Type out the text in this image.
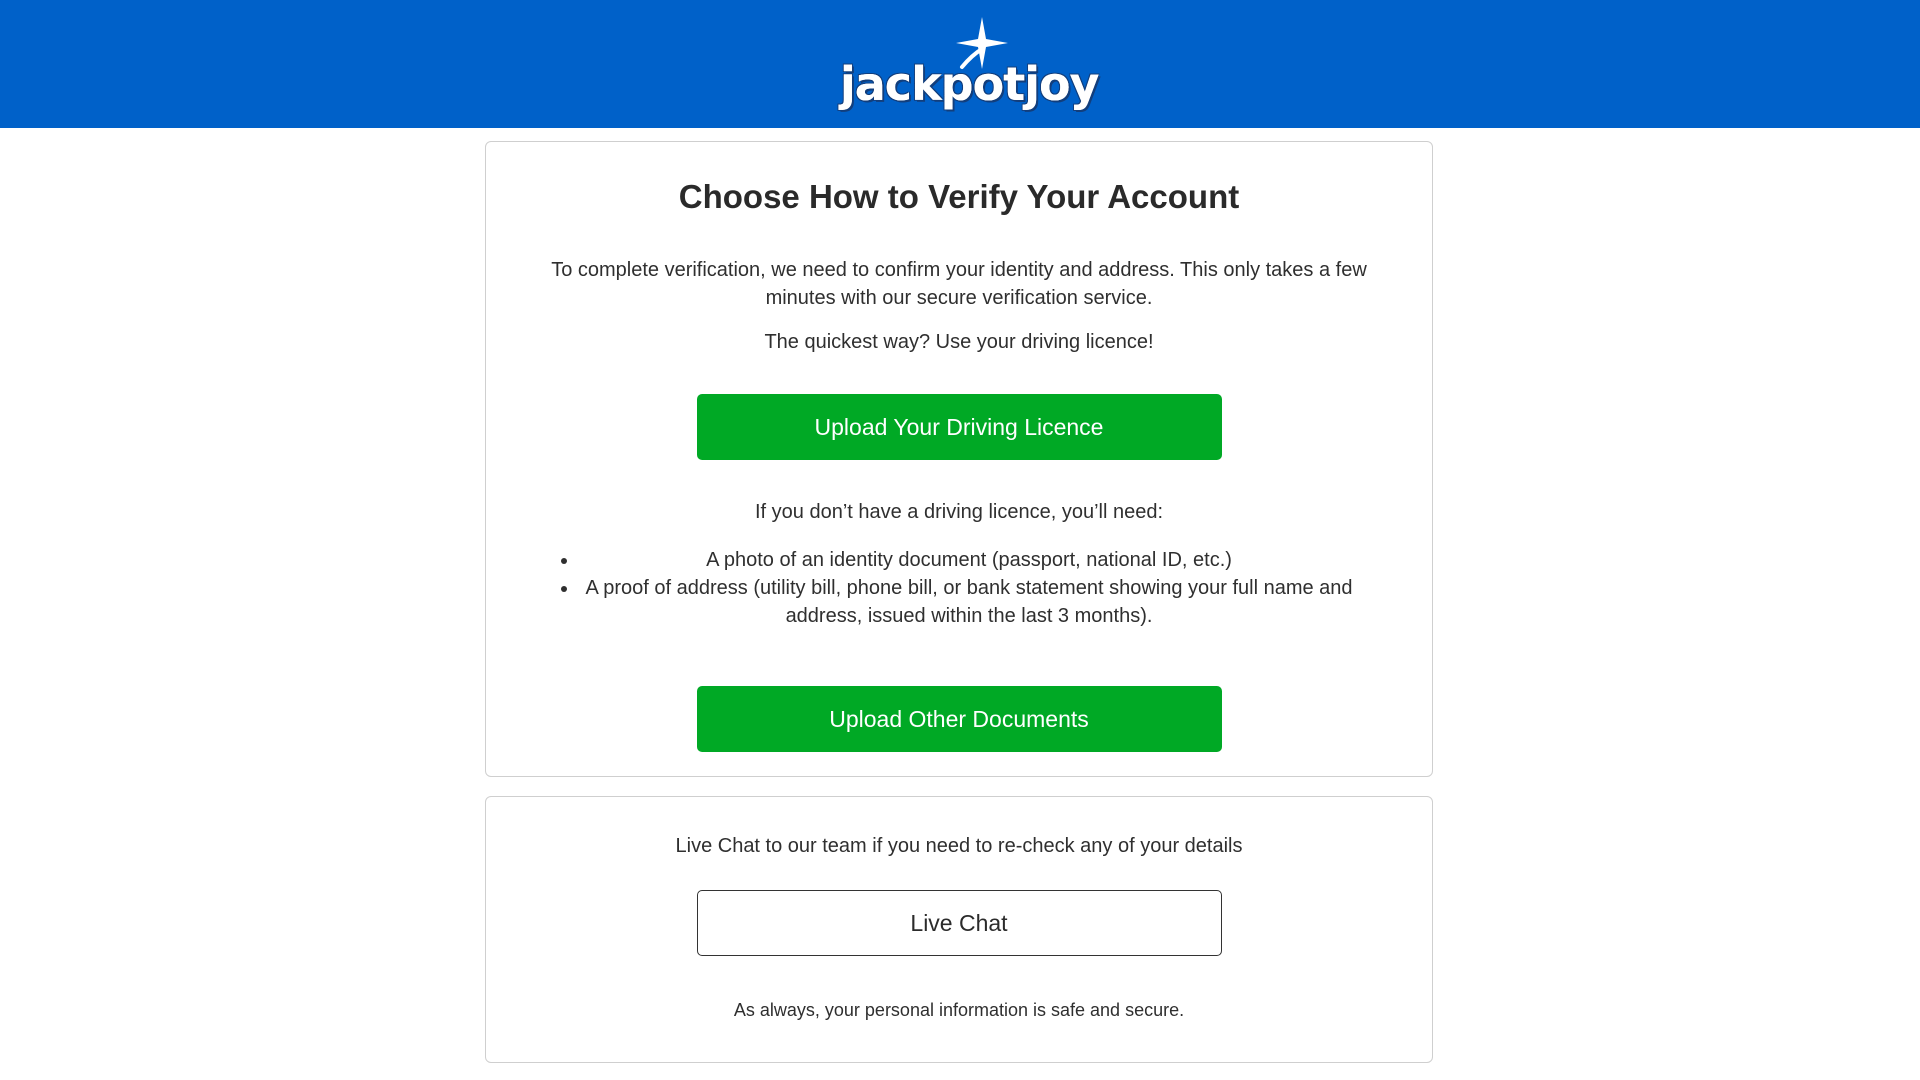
jackpotjoy
Choose How to Verify Your Account
To complete verification, we need to confirm your identity and address. This only takes a few minutes with our secure verification service.
The quickest way? Use your driving licence!
Upload Your Driving Licence
If you don’t have a driving licence, you’ll need:
• A photo of an identity document (passport, national ID, etc.)
• A proof of address (utility bill, phone bill, or bank statement showing your full name and address, issued within the last 3 months).
Upload Other Documents
Live Chat to our team if you need to re-check any of your details
Live Chat
As always, your personal information is safe and secure.
